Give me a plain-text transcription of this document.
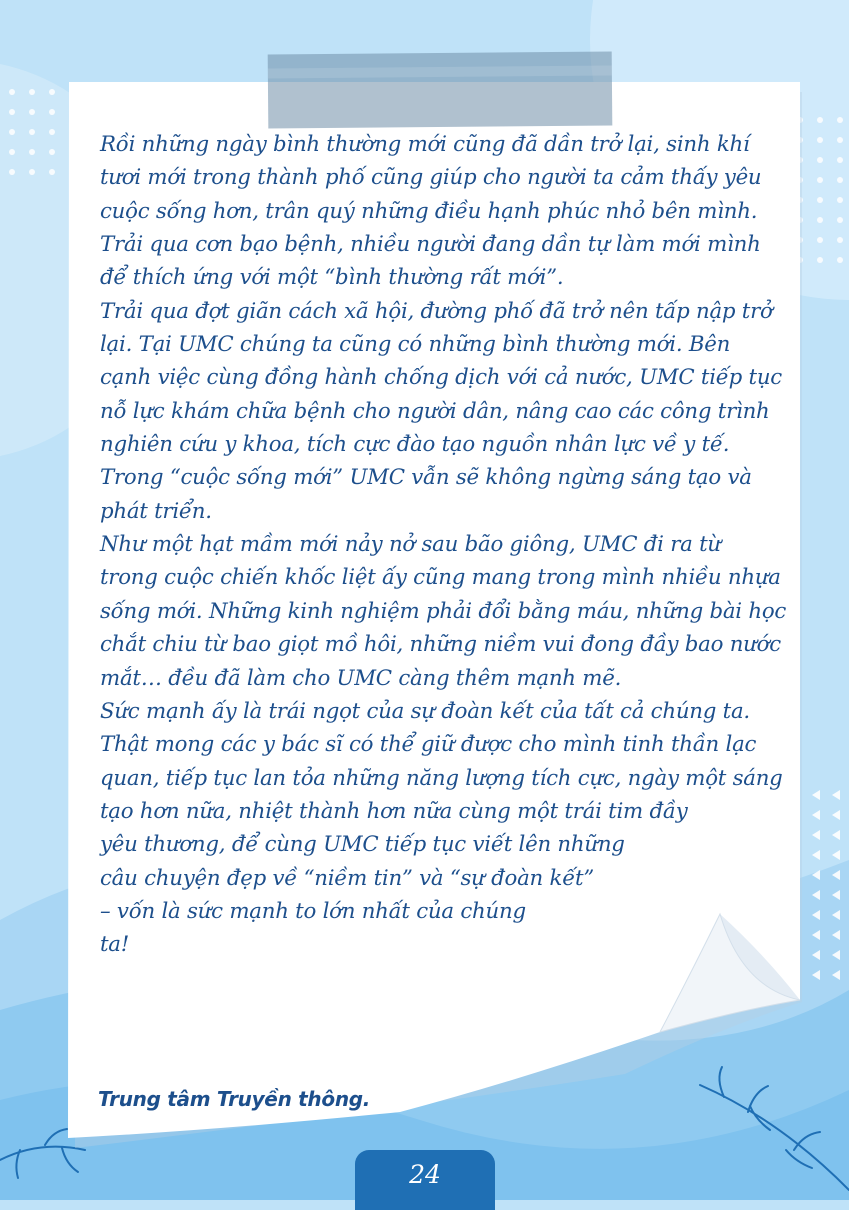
Rồi những ngày bình thường mới cũng đã dần trở lại, sinh khí

tươi mới trong thành phố cũng giúp cho người ta cảm thấy yêu

cuộc sống hơn, trân quý những điều hạnh phúc nhỏ bên mình.

Trải qua cơn bạo bệnh, nhiều người đang dần tự làm mới mình

để thích ứng với một “bình thường rất mới”.

Trải qua đợt giãn cách xã hội, đường phố đã trở nên tấp nập trở

lại. Tại UMC chúng ta cũng có những bình thường mới. Bên

cạnh việc cùng đồng hành chống dịch với cả nước, UMC tiếp tục

nỗ lực khám chữa bệnh cho người dân, nâng cao các công trình

nghiên cứu y khoa, tích cực đào tạo nguồn nhân lực về y tế.

Trong “cuộc sống mới” UMC vẫn sẽ không ngừng sáng tạo và

phát triển.

Như một hạt mầm mới nảy nở sau bão giông, UMC đi ra từ

trong cuộc chiến khốc liệt ấy cũng mang trong mình nhiều nhựa

sống mới. Những kinh nghiệm phải đổi bằng máu, những bài học

chắt chiu từ bao giọt mồ hôi, những niềm vui đong đầy bao nước

mắt… đều đã làm cho UMC càng thêm mạnh mẽ.

Sức mạnh ấy là trái ngọt của sự đoàn kết của tất cả chúng ta.

Thật mong các y bác sĩ có thể giữ được cho mình tinh thần lạc

quan, tiếp tục lan tỏa những năng lượng tích cực, ngày một sáng

tạo hơn nữa, nhiệt thành hơn nữa cùng một trái tim đầy

yêu thương, để cùng UMC tiếp tục viết lên những

câu chuyện đẹp về “niềm tin” và “sự đoàn kết”

– vốn là sức mạnh to lớn nhất của chúng

ta!

Trung tâm Truyền thông.
24
